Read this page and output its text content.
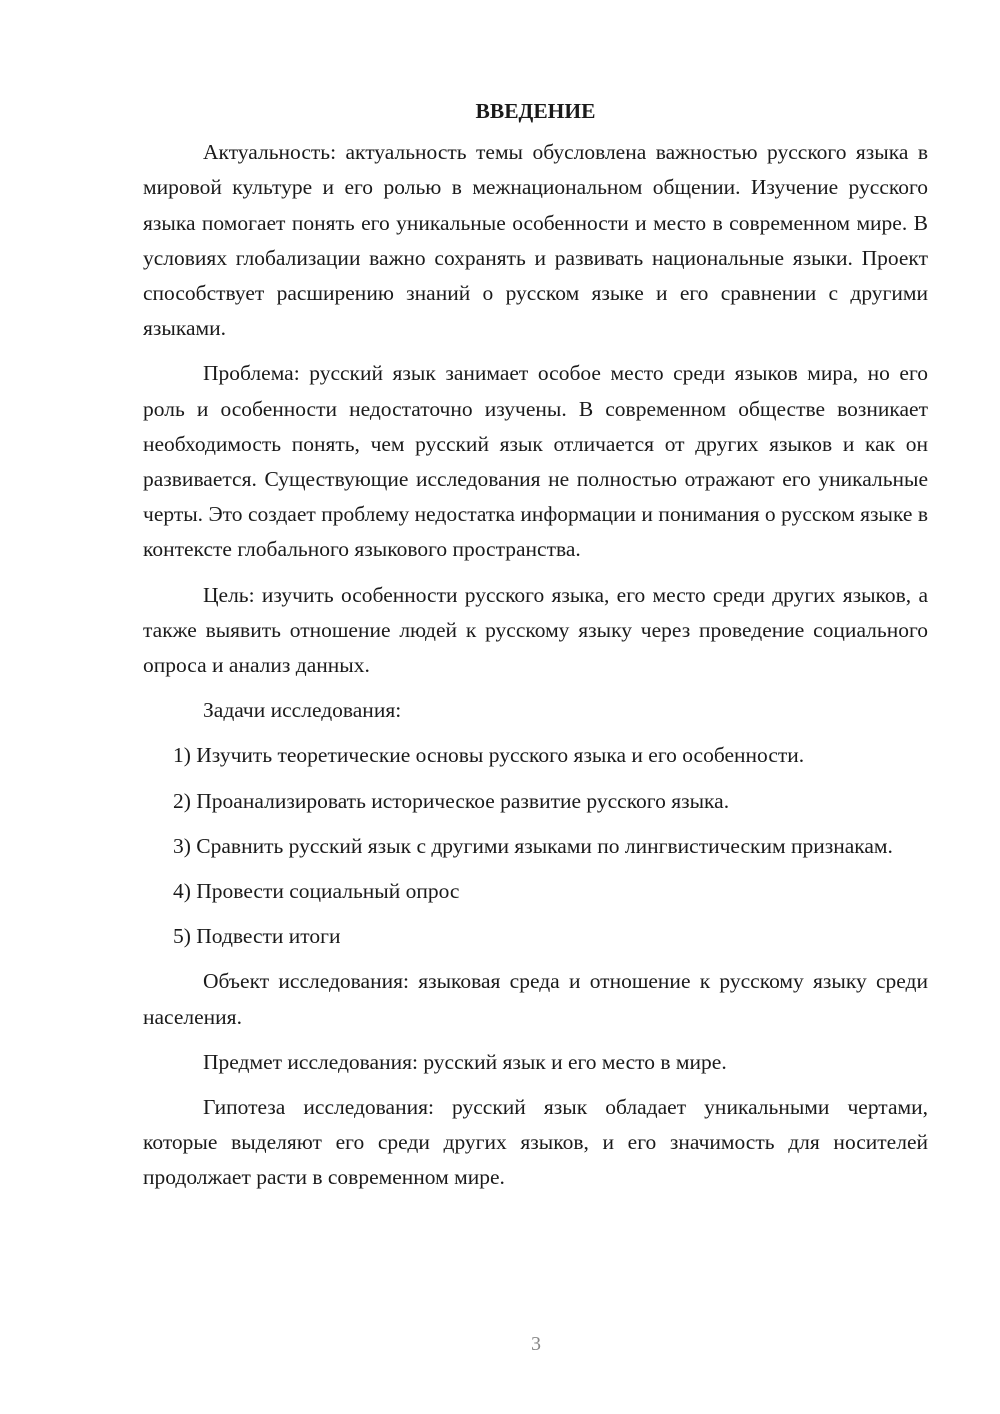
ВВЕДЕНИЕ

Актуальность: актуальность темы обусловлена важностью русского языка в мировой культуре и его ролью в межнациональном общении. Изучение русского языка помогает понять его уникальные особенности и место в современном мире. В условиях глобализации важно сохранять и развивать национальные языки. Проект способствует расширению знаний о русском языке и его сравнении с другими языками.

Проблема: русский язык занимает особое место среди языков мира, но его роль и особенности недостаточно изучены. В современном обществе возникает необходимость понять, чем русский язык отличается от других языков и как он развивается. Существующие исследования не полностью отражают его уникальные черты. Это создает проблему недостатка информации и понимания о русском языке в контексте глобального языкового пространства.

Цель: изучить особенности русского языка, его место среди других языков, а также выявить отношение людей к русскому языку через проведение социального опроса и анализ данных.

Задачи исследования:

1) Изучить теоретические основы русского языка и его особенности.

2) Проанализировать историческое развитие русского языка.

3) Сравнить русский язык с другими языками по лингвистическим признакам.

4) Провести социальный опрос

5) Подвести итоги

Объект исследования: языковая среда и отношение к русскому языку среди населения.

Предмет исследования: русский язык и его место в мире.

Гипотеза исследования: русский язык обладает уникальными чертами, которые выделяют его среди других языков, и его значимость для носителей продолжает расти в современном мире.

3
